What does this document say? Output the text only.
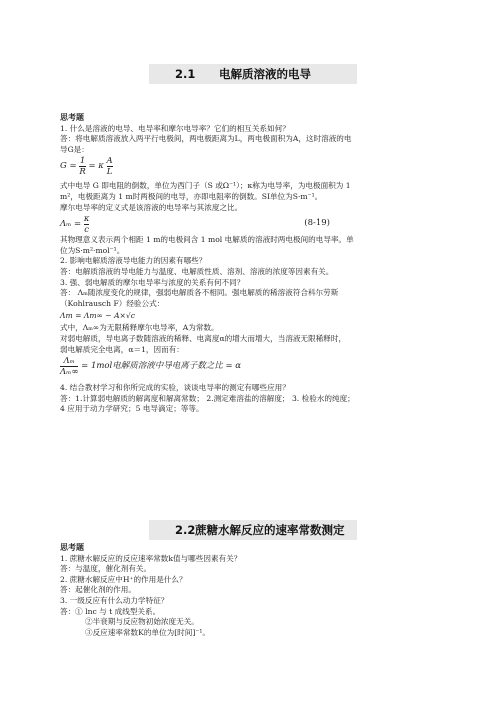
2.1 电解质溶液的电导
思考题
1. 什么是溶液的电导、电导率和摩尔电导率？它们的相互关系如何？
答：将电解质溶液放入两平行电极间，两电极距离为L，两电极面积为A，这时溶液的电
导G是：
$G = \frac{1}{R} = \kappa \frac{A}{L}$
式中电导 G 即电阻的倒数，单位为西门子（S 或Ω⁻¹）；κ称为电导率，为电极面积为 1
m²，电极距离为 1 m时两极间的电导，亦即电阻率的倒数。SI单位为S·m⁻¹。
摩尔电导率的定义式是该溶液的电导率与其浓度之比。
$\Lambda_m = \frac{\kappa}{c}$	(8-19)
其物理意义表示两个相距 1 m的电极间含 1 mol 电解质的溶液时两电极间的电导率。单
位为S·m²·mol⁻¹。
2. 影响电解质溶液导电能力的因素有哪些？
答：电解质溶液的导电能力与温度、电解质性质、溶剂、溶液的浓度等因素有关。
3. 强、弱电解质的摩尔电导率与浓度的关系有何不同？
答： Λₘ随浓度变化的规律，强弱电解质各不相同。强电解质的稀溶液符合科尔劳斯
（Kohlrausch F）经验公式：
Λm = Λm∞ − A×√c
式中，Λₘ∞为无限稀释摩尔电导率，A为常数。
对弱电解质，导电离子数随溶液的稀释、电离度α的增大而增大，当溶液无限稀释时，
弱电解质完全电离，α＝1，因而有：
$\frac{\text{Λₘ}}{\text{Λₘ∞}} = 1mol$电解质溶液中导电离子数之比 = α
4. 结合教材学习和你所完成的实验，谈谈电导率的测定有哪些应用？
答：1.计算弱电解质的解离度和解离常数； 2.测定难溶盐的溶解度； 3. 检验水的纯度；
4 应用于动力学研究；5 电导滴定；等等。
2.2 蔗糖水解反应的速率常数测定
思考题
1. 蔗糖水解反应的反应速率常数k值与哪些因素有关？
答：与温度，催化剂有关。
2. 蔗糖水解反应中H⁺的作用是什么？
答：起催化剂的作用。
3. 一级反应有什么动力学特征？
答：① lnc 与 t 成线型关系。
②半衰期与反应物初始浓度无关。
③反应速率常数K的单位为[时间]⁻¹。
